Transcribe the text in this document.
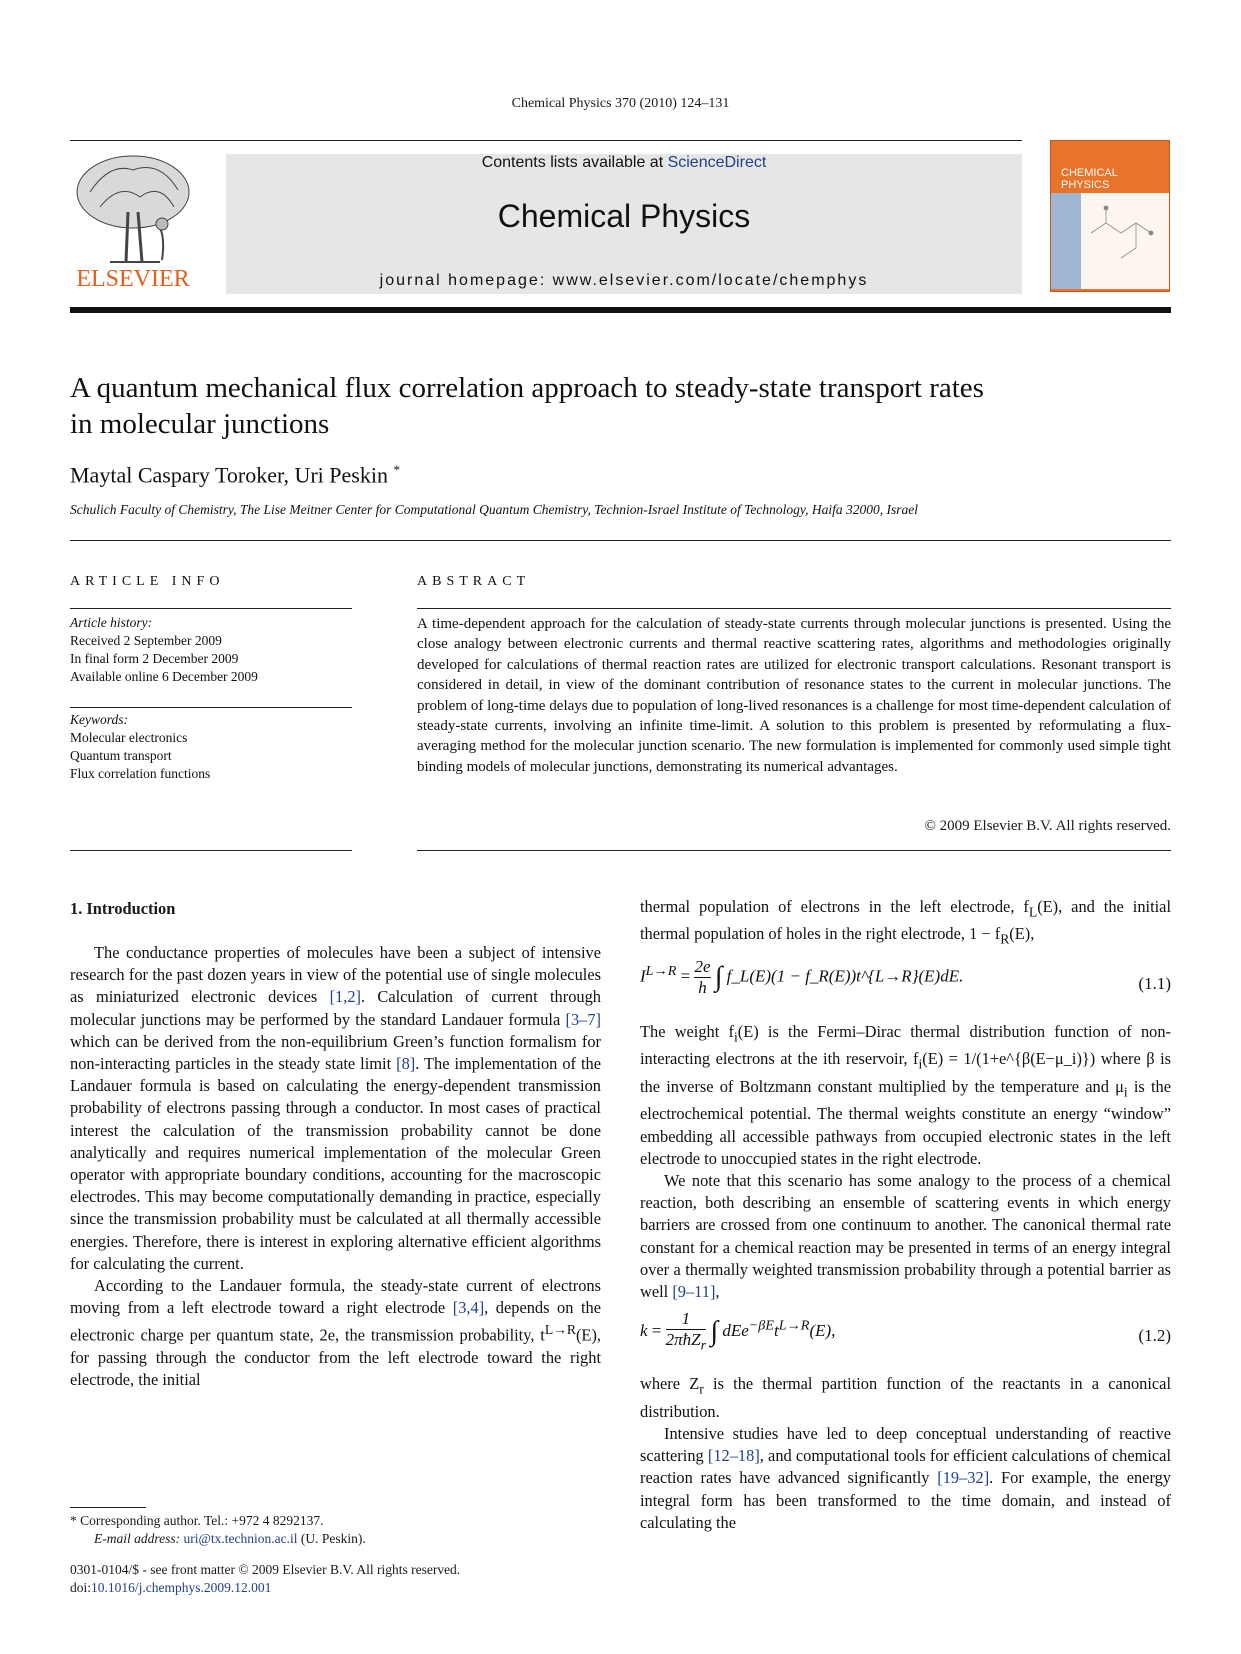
Chemical Physics 370 (2010) 124–131
ELSEVIER
Contents lists available at ScienceDirect
Chemical Physics
journal homepage: www.elsevier.com/locate/chemphys
CHEMICAL
PHYSICS
A quantum mechanical flux correlation approach to steady-state transport rates
in molecular junctions
Maytal Caspary Toroker, Uri Peskin *
Schulich Faculty of Chemistry, The Lise Meitner Center for Computational Quantum Chemistry, Technion-Israel Institute of Technology, Haifa 32000, Israel
ARTICLE INFO	ABSTRACT
Article history:
Received 2 September 2009
In final form 2 December 2009
Available online 6 December 2009
Keywords:
Molecular electronics
Quantum transport
Flux correlation functions
A time-dependent approach for the calculation of steady-state currents through molecular junctions is presented. Using the close analogy between electronic currents and thermal reactive scattering rates, algorithms and methodologies originally developed for calculations of thermal reaction rates are utilized for electronic transport calculations. Resonant transport is considered in detail, in view of the dominant contribution of resonance states to the current in molecular junctions. The problem of long-time delays due to population of long-lived resonances is a challenge for most time-dependent calculation of steady-state currents, involving an infinite time-limit. A solution to this problem is presented by reformulating a flux-averaging method for the molecular junction scenario. The new formulation is implemented for commonly used simple tight binding models of molecular junctions, demonstrating its numerical advantages.
© 2009 Elsevier B.V. All rights reserved.
1. Introduction

The conductance properties of molecules have been a subject of intensive research for the past dozen years in view of the potential use of single molecules as miniaturized electronic devices [1,2]. Calculation of current through molecular junctions may be performed by the standard Landauer formula [3–7] which can be derived from the non-equilibrium Green’s function formalism for non-interacting particles in the steady state limit [8]. The implementation of the Landauer formula is based on calculating the energy-dependent transmission probability of electrons passing through a conductor. In most cases of practical interest the calculation of the transmission probability cannot be done analytically and requires numerical implementation of the molecular Green operator with appropriate boundary conditions, accounting for the macroscopic electrodes. This may become computationally demanding in practice, especially since the transmission probability must be calculated at all thermally accessible energies. Therefore, there is interest in exploring alternative efficient algorithms for calculating the current.

According to the Landauer formula, the steady-state current of electrons moving from a left electrode toward a right electrode [3,4], depends on the electronic charge per quantum state, 2e, the transmission probability, $t^{L\to R}(E)$, for passing through the conductor from the left electrode toward the right electrode, the initial

thermal population of electrons in the left electrode, $f_L(E)$, and the initial thermal population of holes in the right electrode, $1 - f_R(E)$,

$I^{L\to R} = \frac{2e}{h}$ ∫ f_L(E)(1 − f_R(E))t^{L→R}(E)dE.	(1.1)

The weight $f_i(E)$ is the Fermi–Dirac thermal distribution function of non-interacting electrons at the ith reservoir, $f_i(E)$ = 1/(1+e^{β(E−μ_i)}) where β is the inverse of Boltzmann constant multiplied by the temperature and $\mu_i$ is the electrochemical potential. The thermal weights constitute an energy “window” embedding all accessible pathways from occupied electronic states in the left electrode to unoccupied states in the right electrode.

We note that this scenario has some analogy to the process of a chemical reaction, both describing an ensemble of scattering events in which energy barriers are crossed from one continuum to another. The canonical thermal rate constant for a chemical reaction may be presented in terms of an energy integral over a thermally weighted transmission probability through a potential barrier as well [9–11],

k =
1
2πħZ$_r$ ∫ $dEe^{-\beta E}t^{L\to R}(E)$,	(1.2)

where $Z_r$ is the thermal partition function of the reactants in a canonical distribution.

Intensive studies have led to deep conceptual understanding of reactive scattering [12–18], and computational tools for efficient calculations of chemical reaction rates have advanced significantly [19–32]. For example, the energy integral form has been transformed to the time domain, and instead of calculating the

* Corresponding author. Tel.: +972 4 8292137.
E-mail address: uri@tx.technion.ac.il (U. Peskin).
0301-0104/$ - see front matter © 2009 Elsevier B.V. All rights reserved.
doi:10.1016/j.chemphys.2009.12.001
